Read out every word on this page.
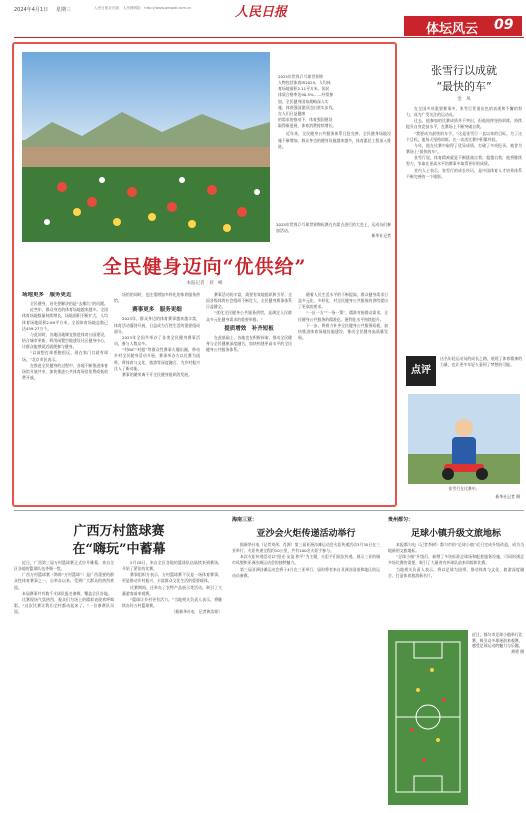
2024年4月1日 星期三	人民日报社出版　人民网网址：http://www.people.com.cn	人民日报
体坛风云 09
2025年世界乒乓球世界锦标赛在内蒙古进行的大会上，运动员们参加活动。
新华社记者
2025年世界乒乓球世界锦
人物包括体育IR2025，人均体
育场地面积2.11平方米，国民
体质合格率达90.5%……经常参
加，全民健身国家战略深入实
施，体育强国建设迈出坚实步伐。
在人们日益健康
的需求的推动下，体育强国建设
取得新进展，体育消费持续增长。

近年来，全民健身公共服务体系日趋完善，全民健身场地设施不断增加，群众身边的健身设施越来越多，体育惠民工程深入推进。

全民健身迈向“优供给”
本报记者　刘　峰
场地更多　服务更近

全民健身，首先要解决的是“去哪儿”的问题。

近些年，群众身边的体育场地越来越多。全国体育场地数量持续增长，场地面积不断扩大，人均体育场地面积2.89平方米，全国体育场地总数已达459.27万个。

与此同时，各地因地制宜推进体育公园建设，结合城市更新，利用闲置空地建设社区健身中心，让群众能够就近就便参与健身。

“以前想打球要跑很远，现在家门口就有球场。”北京市民表示。

在推进全民健身的过程中，各地不断推进体育场馆开放共享，加快推进公共体育场馆免费或低收费开放。

场馆的同时，也注重增加多样化的体育服务供给。

赛事更多　服务更细

2023年，群众身边的体育赛事越来越丰富，体育活动蓬勃开展，日益成为百姓生活的重要组成部分。

2023年全国共举办了各类全民健身赛事活动，参与人数众多。

“村BA”“村超”等群众性赛事火爆出圈，带动乡村全民健身活动开展，赛事举办方以比赛为纽带，将体育与文化、旅游等深度融合，为乡村振兴注入了新动能。

赛事的繁荣离不开全民健身组织的发展。

赛事活动的丰富，需要有效地组织和引导。全国各级体育社会组织不断壮大，全民健身赛事体系日益健全。

“优化全民健身公共服务供给，是满足人民群众多元化健身需求的重要举措。”

提质增效　补齐短板

在此基础上，各地也在积极探索，推动全民健身与全民健康深度融合，加快构建更高水平的全民健身公共服务体系。

随着人民生活水平的不断提高，群众健身需求日益多元化、多样化，对全民健身公共服务的供给提出了更高的要求。

“一区一方”“一场一策”，精准对接群众需求，全民健身公共服务的精准化、便利化水平持续提升。

下一步，将着力补齐全民健身公共服务短板，加快推进体育场地设施建设，推动全民健身高质量发展。

张雪行以成就
“最快的车”
金　凤

在全国多项重要赛事中，张雪行凭借出色的表现和不懈的努力，成为广受关注的运动员。

过去，他参加的比赛成绩并不突出，但他始终坚持训练，持续提升自身竞技水平，在赛场上不断突破自我。

“我要成为最快的车手。”这是张雪行一直以来的目标。为了这个目标，他每天坚持训练，在一次次比赛中积累经验。

今年，他在比赛中取得了优异成绩，打破了多项纪录，被誉为赛场上“最快的车”。

张雪行说，体育精神就是不断挑战自我、超越自我，他将继续努力，争取在更高水平的赛事中取得更好的成绩。

业内人士表示，张雪行的成长经历，是中国体育人才培养体系不断完善的一个缩影。

点评
这名年轻运动员的成长之路，展现了体育精神的力量，也让更多年轻人看到了梦想的可能。
张雪行在比赛中。
新华社记者 摄
广西万村篮球赛
在“嗨玩”中蓄幕

近日，广西第三届万村篮球赛正式拉开帷幕，来自全区各地的篮球队伍齐聚一堂。

广西万村篮球赛（简称“万村篮球”）是广西重要的群众性体育赛事之一，自举办以来，受到广大群众的热烈欢迎。

本届赛事共有数千支球队报名参赛，覆盖全区各地。

比赛现场气氛热烈，观众们为场上的精彩表现欢呼喝彩。“这次比赛让我们全村都动起来了。”一位参赛队员说。

2月18日，来自全区各地的篮球队伍陆续来到赛场，开始了紧张的比赛。

赛事组织方表示，万村篮球赛不仅是一场体育赛事，更是推动乡村振兴、丰富群众文化生活的重要载体。

比赛期间，还举办了农特产品展示等活动，吸引了大量游客前来观赛。

“篮球让乡村更有活力。”当地相关负责人表示，将继续办好万村篮球赛。

（据新华社电　记者黄浩铭）

海南三亚：
亚沙会火炬传递活动举行

据新华社电（记者刘伟、肖源）第三届亚洲沙滩运动会火炬传递活动3月30日在三亚举行，火炬传递全程约10公里，共有100名火炬手参与。

本次火炬传递活动以“阳光·友谊·和平”为主题，火炬手们依次传递，展示三亚的城市风貌和亚洲沙滩运动会的独特魅力。

第三届亚洲沙滩运动会将于4月在三亚举行，届时将有来自亚洲各国家和地区的运动员参赛。

贵州都匀：
足球小镇升级文旅地标

本报都匀电（记者李树）都匀市的“足球小镇”近日完成升级改造，成为当地新的文旅地标。

“足球小镇”升级后，新增了多块标准足球场和配套服务设施，可同时满足多场比赛的需要，吸引了大量省内外球队前来训练和比赛。

当地相关负责人表示，将以足球为纽带，推动体育与文化、旅游深度融合，打造体育旅游新名片。

近日，都匀市足球小镇举行比赛，吸引众多球迷前来观赛，感受足球运动的魅力与乐趣。
黄勇 摄
